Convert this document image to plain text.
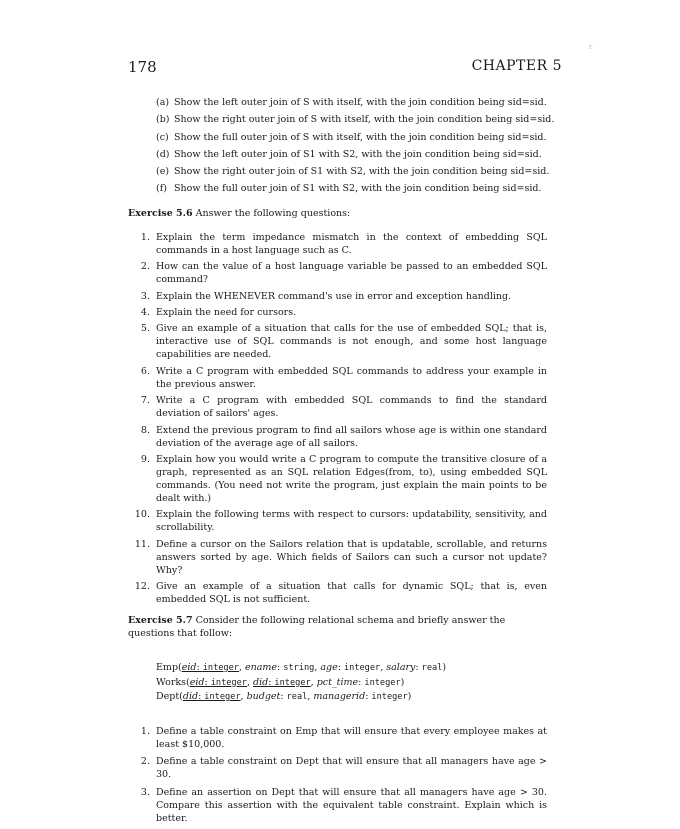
178	CHAPTER 5
r
(a) Show the left outer join of S with itself, with the join condition being sid=sid.
(b) Show the right outer join of S with itself, with the join condition being sid=sid.
(c) Show the full outer join of S with itself, with the join condition being sid=sid.
(d) Show the left outer join of S1 with S2, with the join condition being sid=sid.
(e) Show the right outer join of S1 with S2, with the join condition being sid=sid.
(f) Show the full outer join of S1 with S2, with the join condition being sid=sid.
Exercise 5.6 Answer the following questions:
1. Explain the term impedance mismatch in the context of embedding SQL commands in a host language such as C.
2. How can the value of a host language variable be passed to an embedded SQL command?
3. Explain the WHENEVER command's use in error and exception handling.
4. Explain the need for cursors.
5. Give an example of a situation that calls for the use of embedded SQL; that is, interactive use of SQL commands is not enough, and some host language capabilities are needed.
6. Write a C program with embedded SQL commands to address your example in the previous answer.
7. Write a C program with embedded SQL commands to find the standard deviation of sailors' ages.
8. Extend the previous program to find all sailors whose age is within one standard deviation of the average age of all sailors.
9. Explain how you would write a C program to compute the transitive closure of a graph, represented as an SQL relation Edges(from, to), using embedded SQL commands. (You need not write the program, just explain the main points to be dealt with.)
10. Explain the following terms with respect to cursors: updatability, sensitivity, and scrollability.
11. Define a cursor on the Sailors relation that is updatable, scrollable, and returns answers sorted by age. Which fields of Sailors can such a cursor not update? Why?
12. Give an example of a situation that calls for dynamic SQL; that is, even embedded SQL is not sufficient.
Exercise 5.7 Consider the following relational schema and briefly answer the questions that follow:
Emp(eid: integer, ename: string, age: integer, salary: real)
Works(eid: integer, did: integer, pct_time: integer)
Dept(did: integer, budget: real, managerid: integer)
1. Define a table constraint on Emp that will ensure that every employee makes at least $10,000.
2. Define a table constraint on Dept that will ensure that all managers have age > 30.
3. Define an assertion on Dept that will ensure that all managers have age > 30. Compare this assertion with the equivalent table constraint. Explain which is better.
